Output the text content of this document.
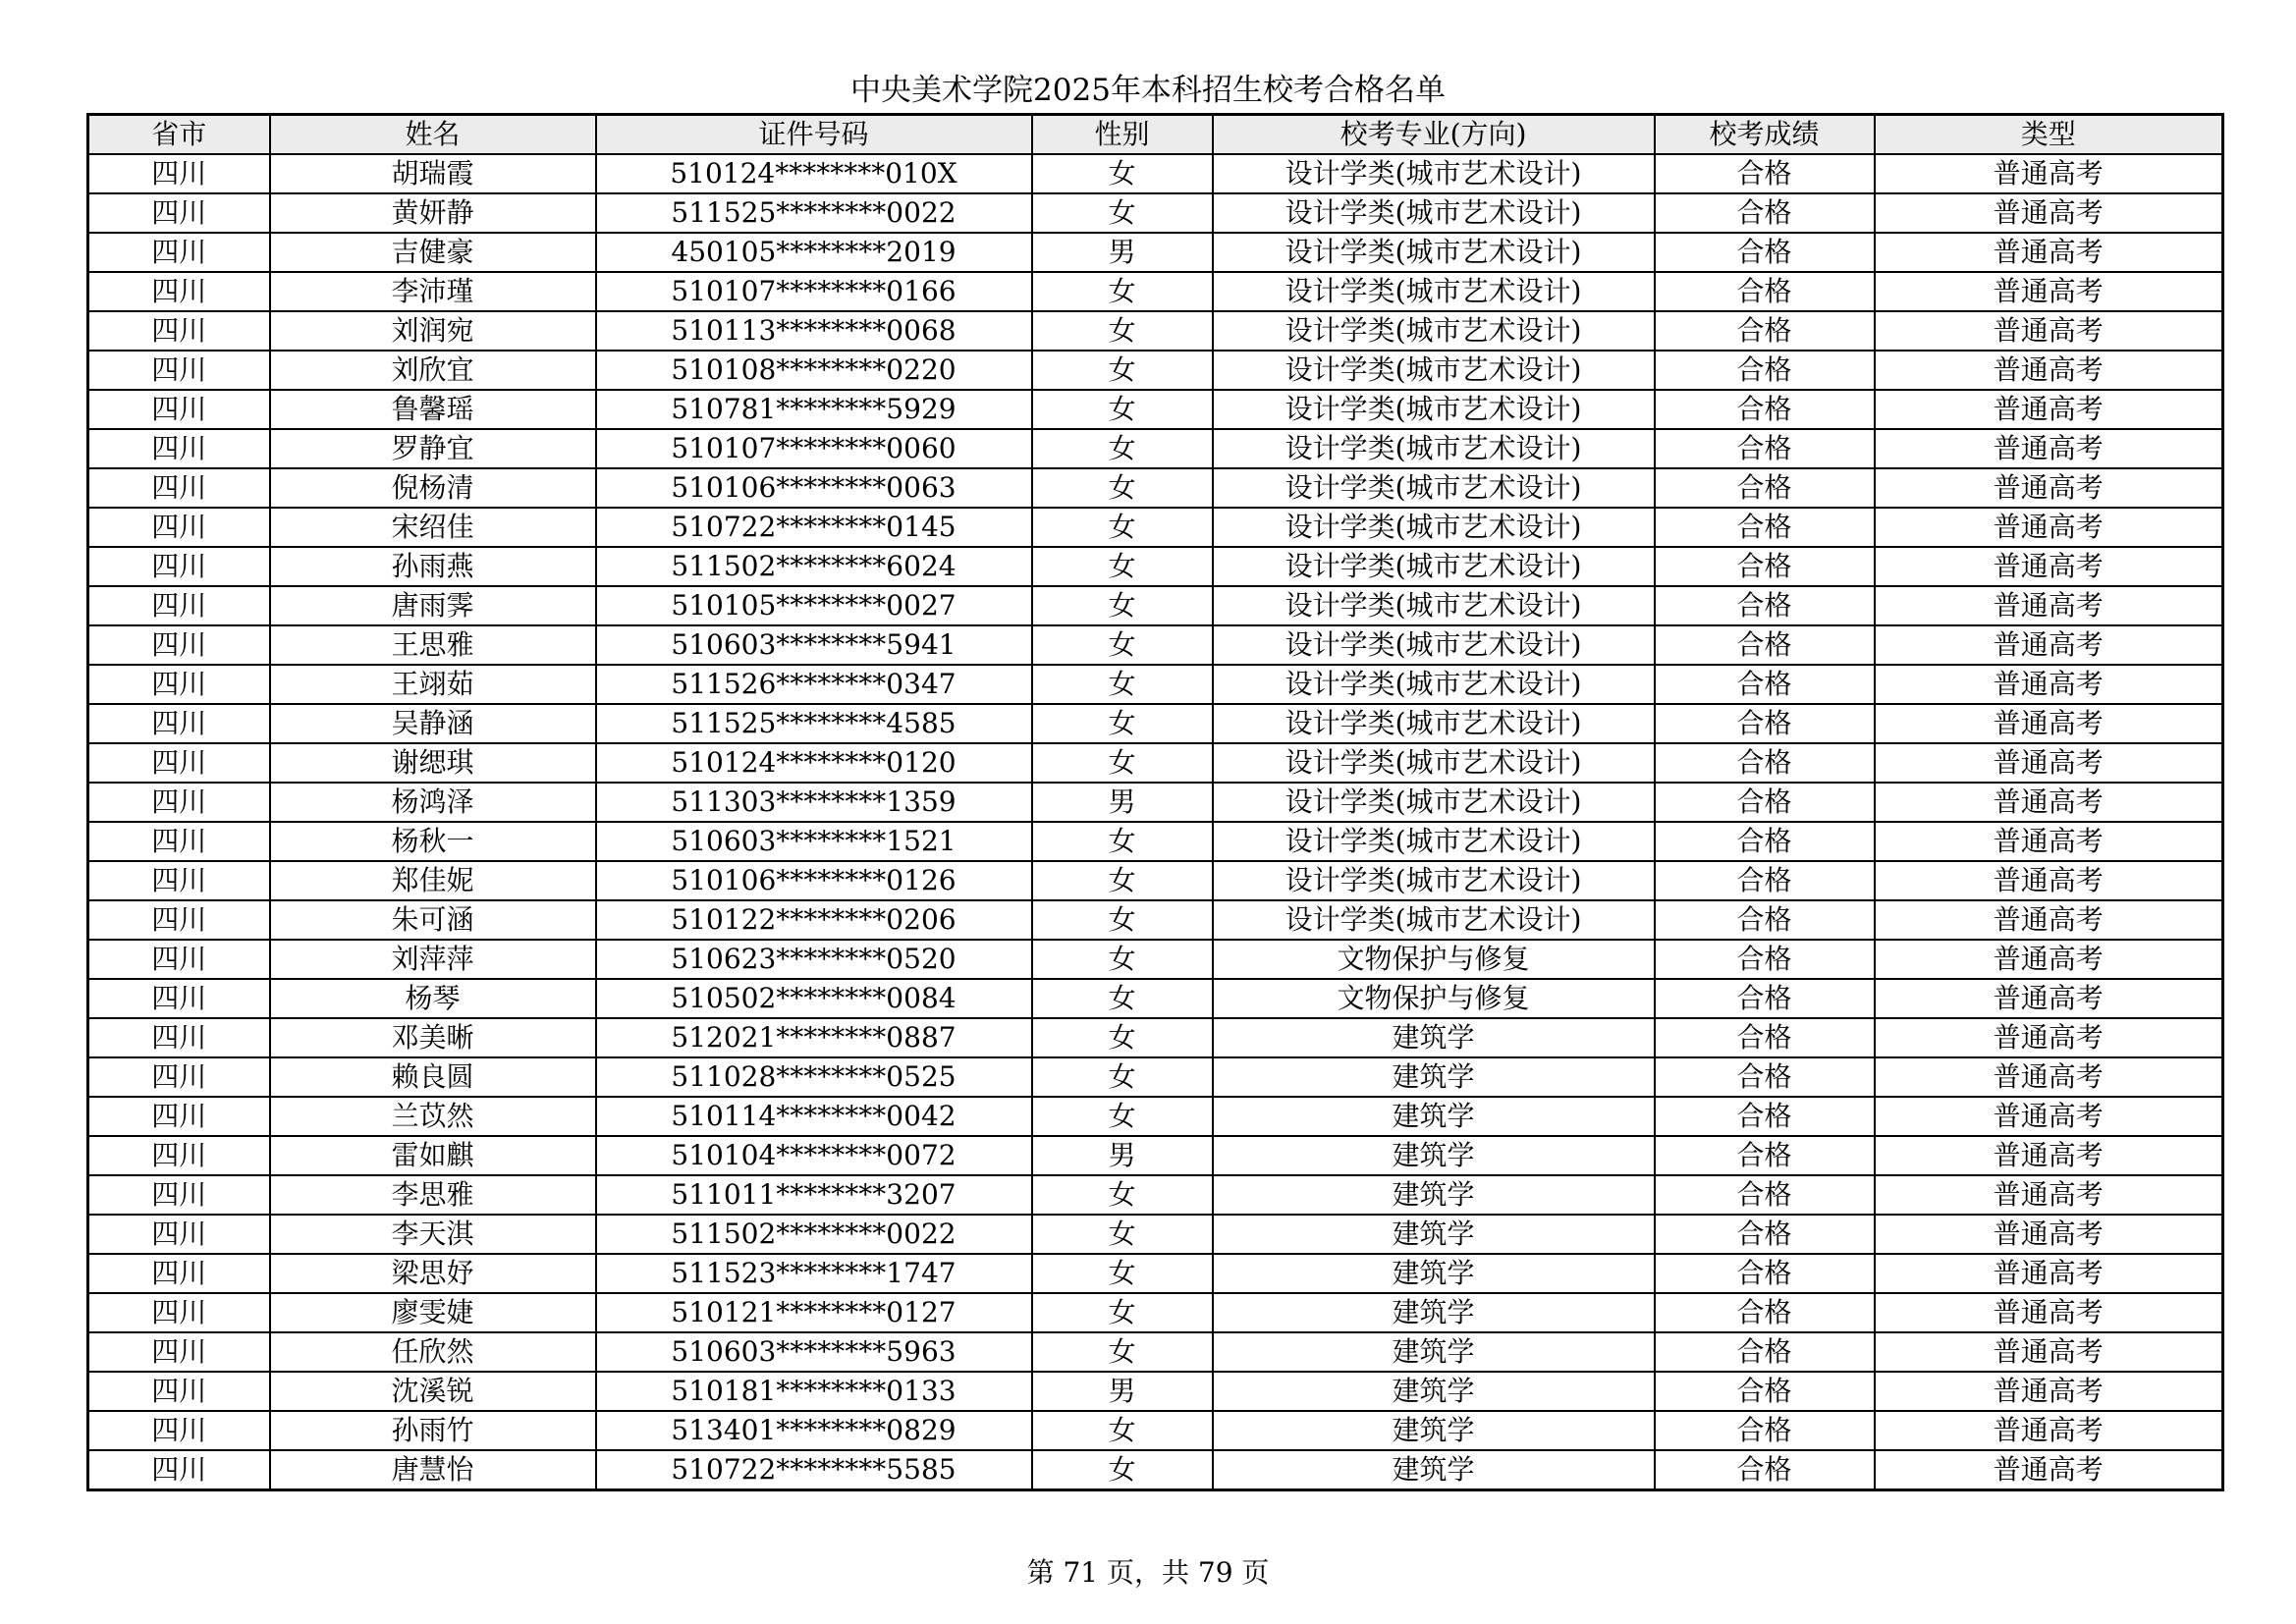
中央美术学院2025年本科招生校考合格名单
省市	姓名	证件号码	性别	校考专业(方向)	校考成绩	类型
四川	胡瑞霞	510124********010X	女	设计学类(城市艺术设计)	合格	普通高考
四川	黄妍静	511525********0022	女	设计学类(城市艺术设计)	合格	普通高考
四川	吉健豪	450105********2019	男	设计学类(城市艺术设计)	合格	普通高考
四川	李沛瑾	510107********0166	女	设计学类(城市艺术设计)	合格	普通高考
四川	刘润宛	510113********0068	女	设计学类(城市艺术设计)	合格	普通高考
四川	刘欣宜	510108********0220	女	设计学类(城市艺术设计)	合格	普通高考
四川	鲁馨瑶	510781********5929	女	设计学类(城市艺术设计)	合格	普通高考
四川	罗静宜	510107********0060	女	设计学类(城市艺术设计)	合格	普通高考
四川	倪杨清	510106********0063	女	设计学类(城市艺术设计)	合格	普通高考
四川	宋绍佳	510722********0145	女	设计学类(城市艺术设计)	合格	普通高考
四川	孙雨燕	511502********6024	女	设计学类(城市艺术设计)	合格	普通高考
四川	唐雨霁	510105********0027	女	设计学类(城市艺术设计)	合格	普通高考
四川	王思雅	510603********5941	女	设计学类(城市艺术设计)	合格	普通高考
四川	王翊茹	511526********0347	女	设计学类(城市艺术设计)	合格	普通高考
四川	吴静涵	511525********4585	女	设计学类(城市艺术设计)	合格	普通高考
四川	谢缌琪	510124********0120	女	设计学类(城市艺术设计)	合格	普通高考
四川	杨鸿泽	511303********1359	男	设计学类(城市艺术设计)	合格	普通高考
四川	杨秋一	510603********1521	女	设计学类(城市艺术设计)	合格	普通高考
四川	郑佳妮	510106********0126	女	设计学类(城市艺术设计)	合格	普通高考
四川	朱可涵	510122********0206	女	设计学类(城市艺术设计)	合格	普通高考
四川	刘萍萍	510623********0520	女	文物保护与修复	合格	普通高考
四川	杨琴	510502********0084	女	文物保护与修复	合格	普通高考
四川	邓美晰	512021********0887	女	建筑学	合格	普通高考
四川	赖良圆	511028********0525	女	建筑学	合格	普通高考
四川	兰苡然	510114********0042	女	建筑学	合格	普通高考
四川	雷如麒	510104********0072	男	建筑学	合格	普通高考
四川	李思雅	511011********3207	女	建筑学	合格	普通高考
四川	李天淇	511502********0022	女	建筑学	合格	普通高考
四川	梁思妤	511523********1747	女	建筑学	合格	普通高考
四川	廖雯婕	510121********0127	女	建筑学	合格	普通高考
四川	任欣然	510603********5963	女	建筑学	合格	普通高考
四川	沈溪锐	510181********0133	男	建筑学	合格	普通高考
四川	孙雨竹	513401********0829	女	建筑学	合格	普通高考
四川	唐慧怡	510722********5585	女	建筑学	合格	普通高考
第 71 页，共 79 页
